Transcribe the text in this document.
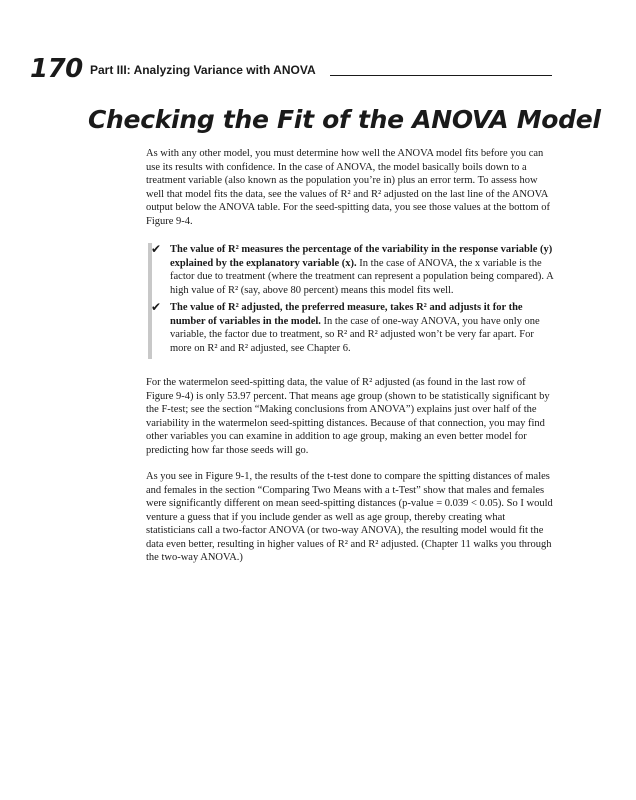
170 Part III: Analyzing Variance with ANOVA
Checking the Fit of the ANOVA Model

As with any other model, you must determine how well the ANOVA model fits before you can use its results with confidence. In the case of ANOVA, the model basically boils down to a treatment variable (also known as the population you’re in) plus an error term. To assess how well that model fits the data, see the values of R² and R² adjusted on the last line of the ANOVA output below the ANOVA table. For the seed-spitting data, you see those values at the bottom of Figure 9-4.

✔ The value of R² measures the percentage of the variability in the response variable (y) explained by the explanatory variable (x). In the case of ANOVA, the x variable is the factor due to treatment (where the treatment can represent a population being compared). A high value of R² (say, above 80 percent) means this model fits well.
✔ The value of R² adjusted, the preferred measure, takes R² and adjusts it for the number of variables in the model. In the case of one-way ANOVA, you have only one variable, the factor due to treatment, so R² and R² adjusted won’t be very far apart. For more on R² and R² adjusted, see Chapter 6.

For the watermelon seed-spitting data, the value of R² adjusted (as found in the last row of Figure 9-4) is only 53.97 percent. That means age group (shown to be statistically significant by the F-test; see the section “Making conclusions from ANOVA”) explains just over half of the variability in the watermelon seed-spitting distances. Because of that connection, you may find other variables you can examine in addition to age group, making an even better model for predicting how far those seeds will go.

As you see in Figure 9-1, the results of the t-test done to compare the spitting distances of males and females in the section “Comparing Two Means with a t-Test” show that males and females were significantly different on mean seed-spitting distances (p-value = 0.039 < 0.05). So I would venture a guess that if you include gender as well as age group, thereby creating what statisticians call a two-factor ANOVA (or two-way ANOVA), the resulting model would fit the data even better, resulting in higher values of R² and R² adjusted. (Chapter 11 walks you through the two-way ANOVA.)
